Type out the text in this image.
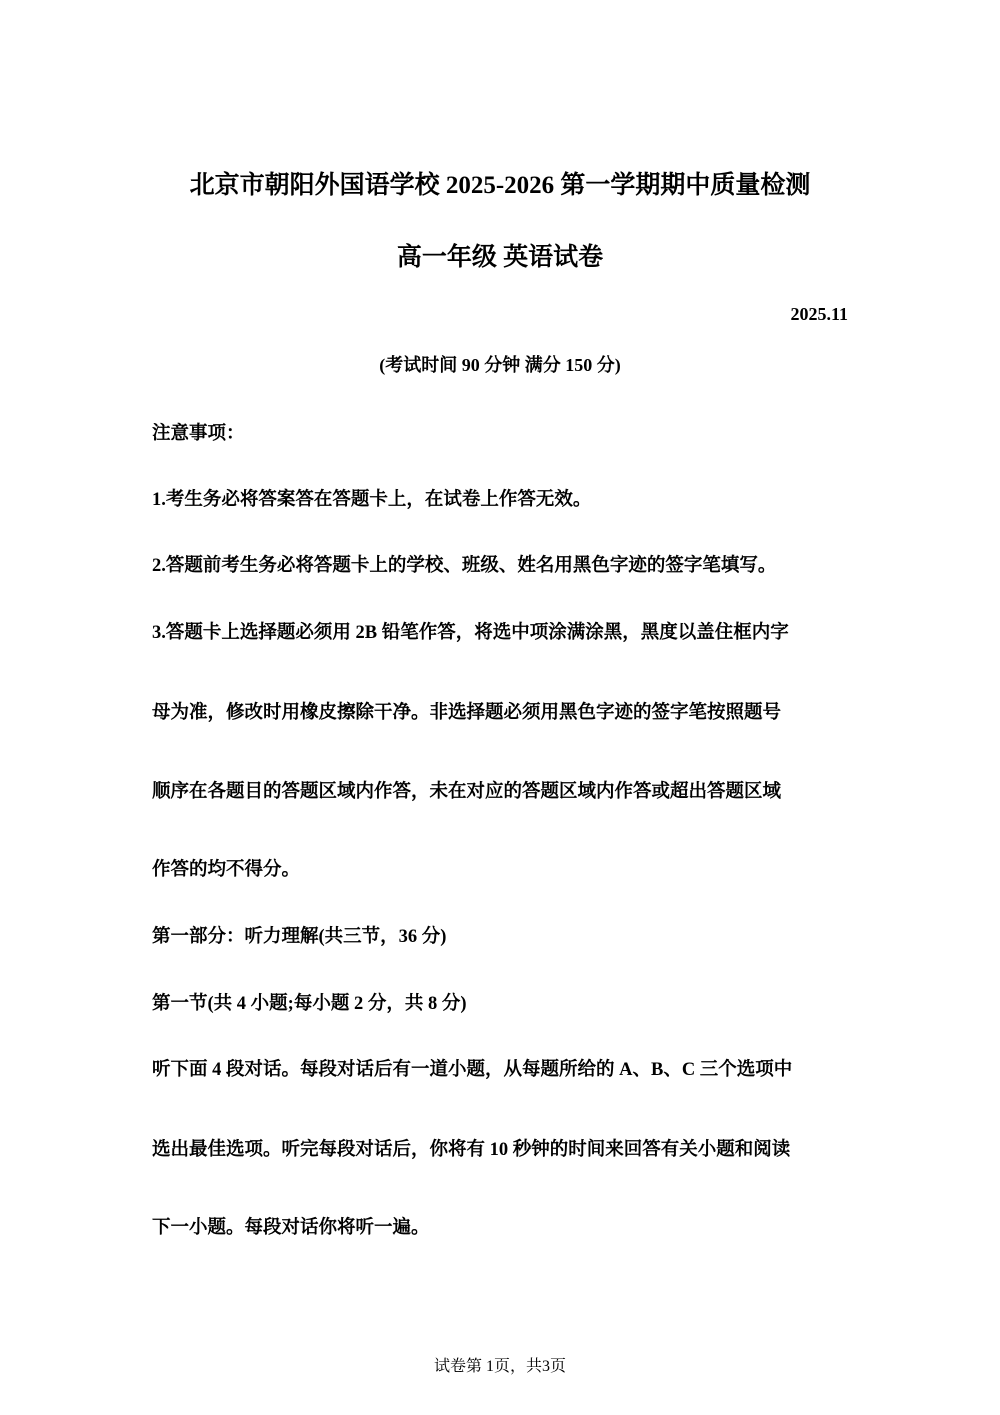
北京市朝阳外国语学校 2025-2026 第一学期期中质量检测
高一年级 英语试卷
2025.11
(考试时间 90 分钟 满分 150 分)
注意事项：
1.考生务必将答案答在答题卡上，在试卷上作答无效。
2.答题前考生务必将答题卡上的学校、班级、姓名用黑色字迹的签字笔填写。
3.答题卡上选择题必须用 2B 铅笔作答，将选中项涂满涂黑，黑度以盖住框内字
母为准，修改时用橡皮擦除干净。非选择题必须用黑色字迹的签字笔按照题号
顺序在各题目的答题区域内作答，未在对应的答题区域内作答或超出答题区域
作答的均不得分。
第一部分：听力理解(共三节，36 分)
第一节(共 4 小题;每小题 2 分，共 8 分)
听下面 4 段对话。每段对话后有一道小题，从每题所给的 A、B、C 三个选项中
选出最佳选项。听完每段对话后，你将有 10 秒钟的时间来回答有关小题和阅读
下一小题。每段对话你将听一遍。
试卷第 1页，共3页
